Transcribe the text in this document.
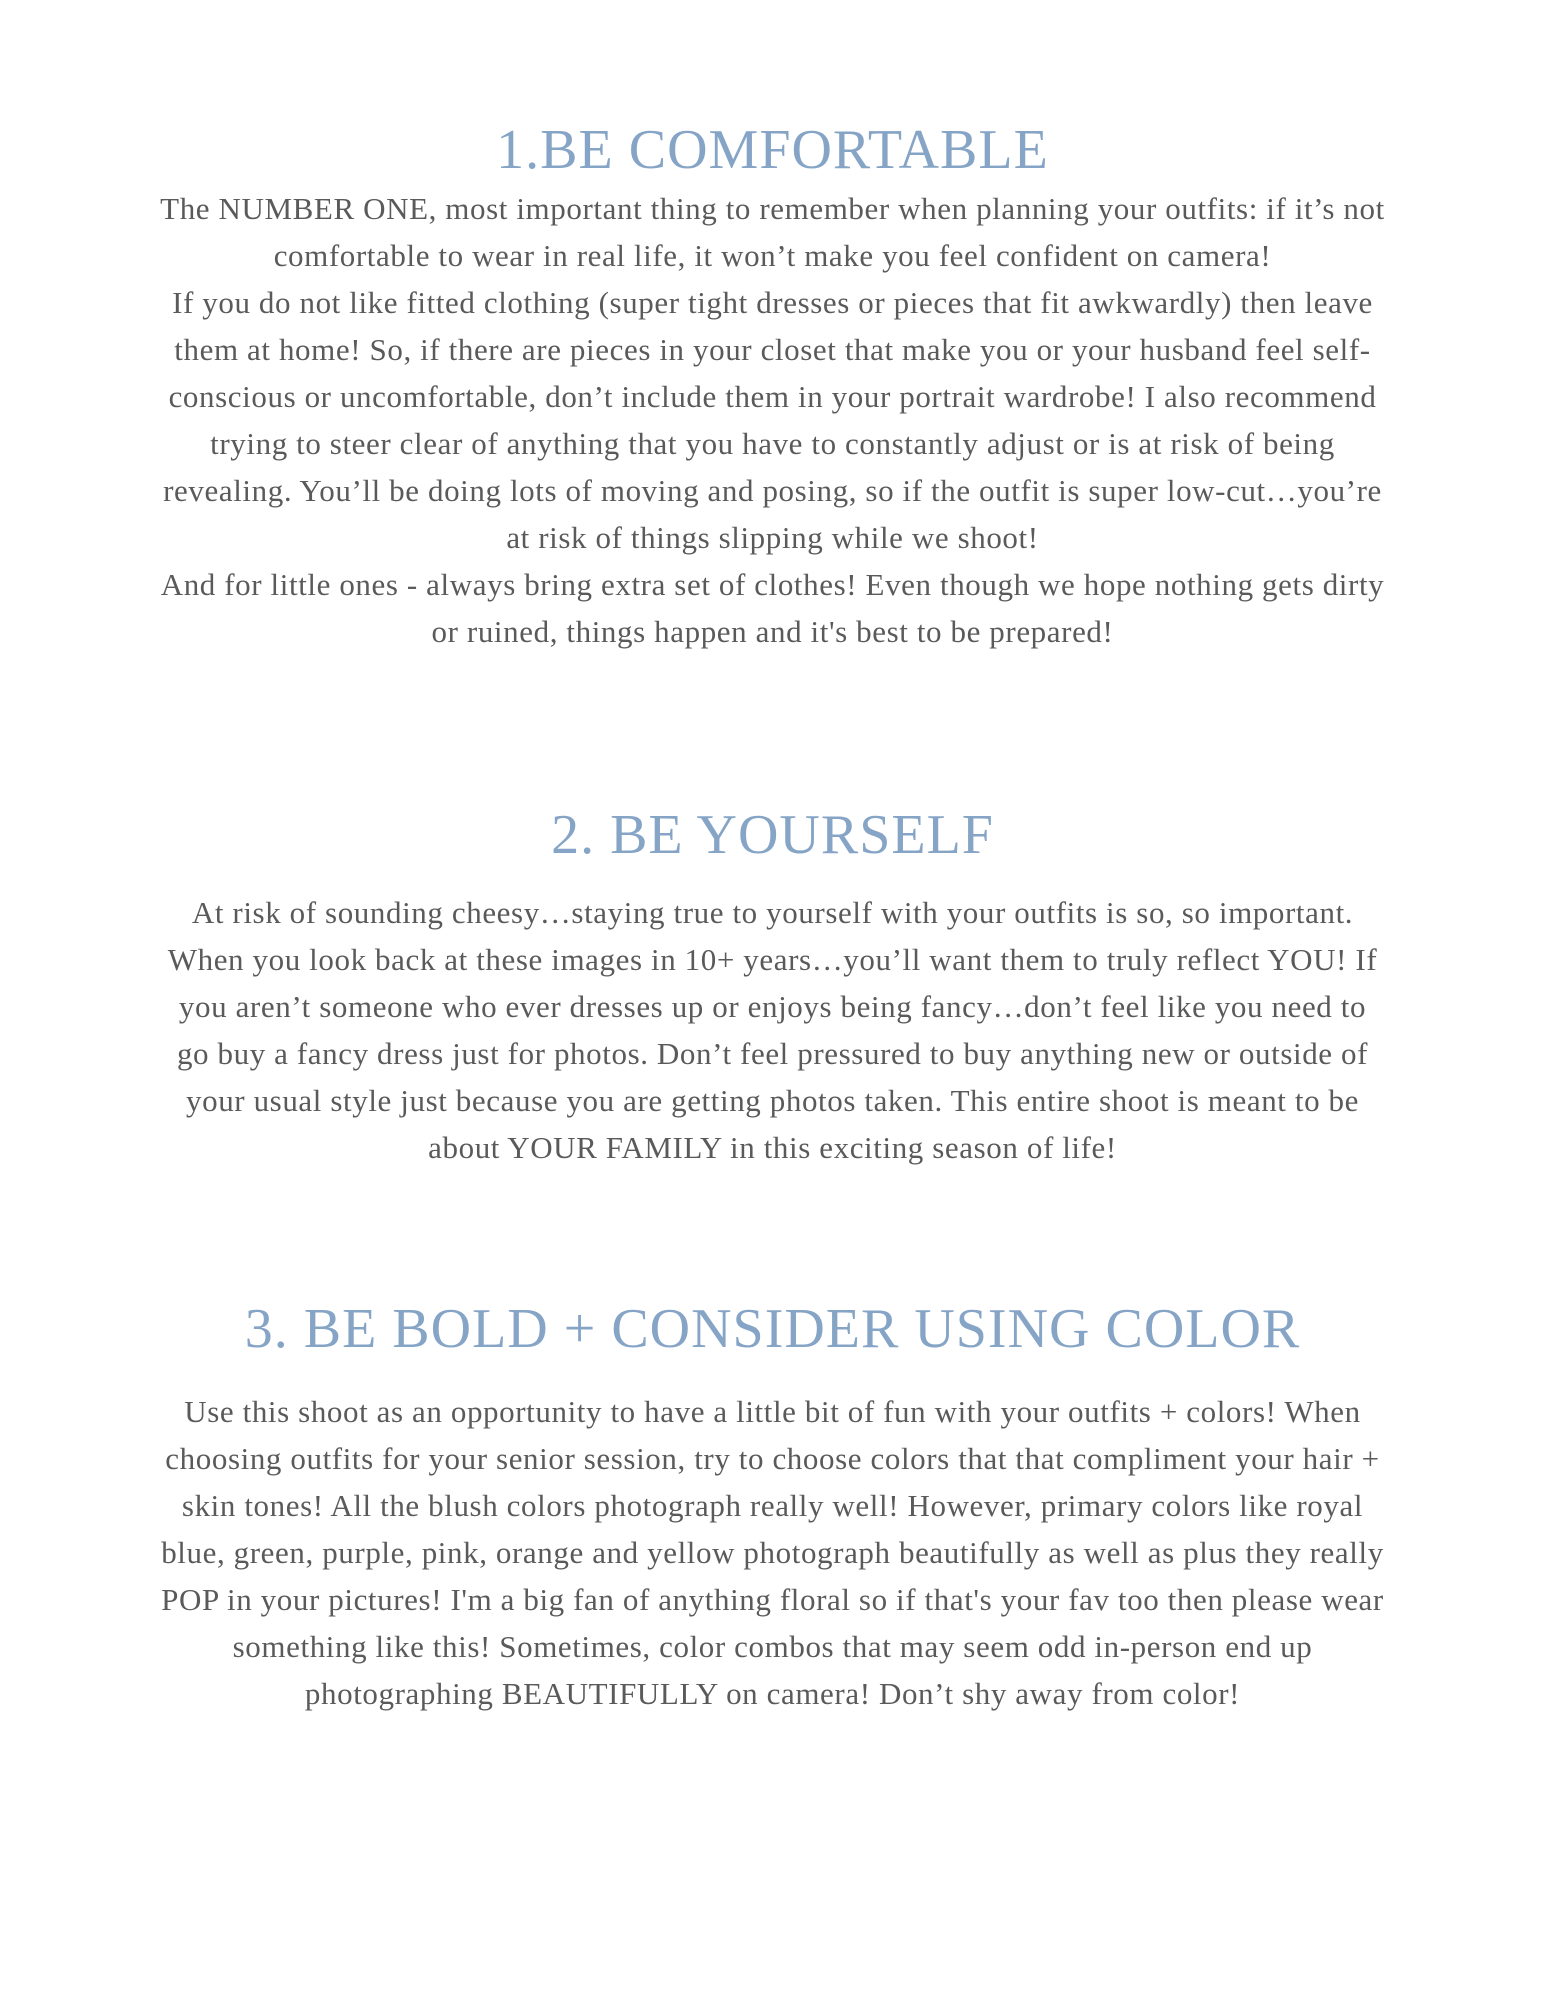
1.BE COMFORTABLE

The NUMBER ONE, most important thing to remember when planning your outfits: if it’s not comfortable to wear in real life, it won’t make you feel confident on camera!

If you do not like fitted clothing (super tight dresses or pieces that fit awkwardly) then leave them at home! So, if there are pieces in your closet that make you or your husband feel self- conscious or uncomfortable, don’t include them in your portrait wardrobe! I also recommend trying to steer clear of anything that you have to constantly adjust or is at risk of being revealing. You’ll be doing lots of moving and posing, so if the outfit is super low-cut…you’re at risk of things slipping while we shoot!

And for little ones - always bring extra set of clothes! Even though we hope nothing gets dirty or ruined, things happen and it's best to be prepared!

2. BE YOURSELF

At risk of sounding cheesy…staying true to yourself with your outfits is so, so important. When you look back at these images in 10+ years…you’ll want them to truly reflect YOU! If you aren’t someone who ever dresses up or enjoys being fancy…don’t feel like you need to go buy a fancy dress just for photos. Don’t feel pressured to buy anything new or outside of your usual style just because you are getting photos taken. This entire shoot is meant to be about YOUR FAMILY in this exciting season of life!

3. BE BOLD + CONSIDER USING COLOR

Use this shoot as an opportunity to have a little bit of fun with your outfits + colors! When choosing outfits for your senior session, try to choose colors that that compliment your hair + skin tones! All the blush colors photograph really well! However, primary colors like royal blue, green, purple, pink, orange and yellow photograph beautifully as well as plus they really POP in your pictures! I'm a big fan of anything floral so if that's your fav too then please wear something like this! Sometimes, color combos that may seem odd in-person end up photographing BEAUTIFULLY on camera! Don’t shy away from color!
